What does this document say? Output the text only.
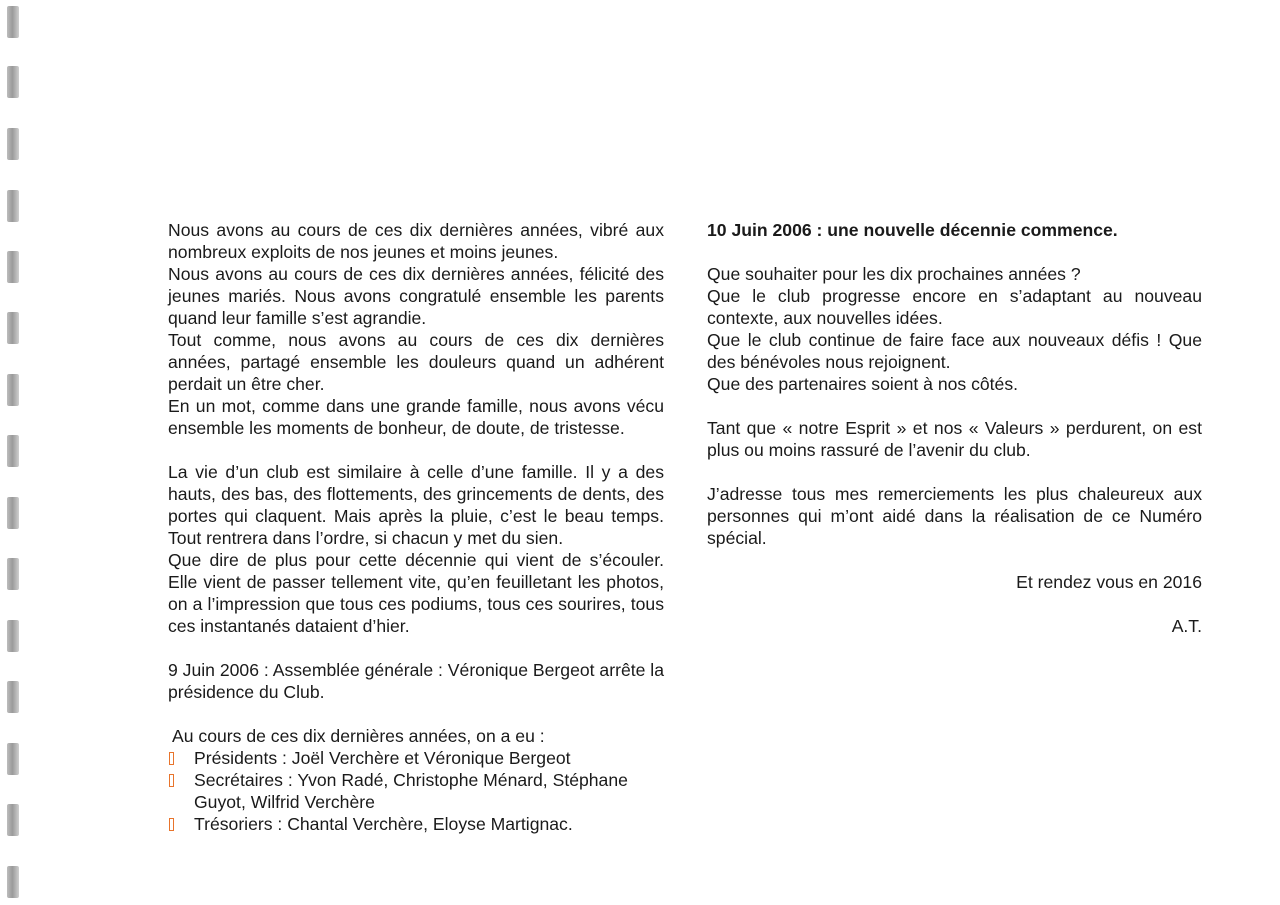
Nous avons au cours de ces dix dernières années, vibré aux nombreux exploits de nos jeunes et moins jeunes.

Nous avons au cours de ces dix dernières années, félicité des jeunes mariés. Nous avons congratulé ensemble les parents quand leur famille s’est agrandie.

Tout comme, nous avons au cours de ces dix dernières années, partagé ensemble les douleurs quand un adhérent perdait un être cher.

En un mot, comme dans une grande famille, nous avons vécu ensemble les moments de bonheur, de doute, de tristesse.

La vie d’un club est similaire à celle d’une famille. Il y a des hauts, des bas, des flottements, des grincements de dents, des portes qui claquent. Mais après la pluie, c’est le beau temps. Tout rentrera dans l’ordre, si chacun y met du sien.

Que dire de plus pour cette décennie qui vient de s’écouler. Elle vient de passer tellement vite, qu’en feuilletant les photos, on a l’impression que tous ces podiums, tous ces sourires, tous ces instantanés dataient d’hier.

9 Juin 2006 : Assemblée générale : Véronique Bergeot arrête la présidence du Club.

Au cours de ces dix dernières années, on a eu :

Présidents : Joël Verchère et Véronique Bergeot
Secrétaires : Yvon Radé, Christophe Ménard, Stéphane Guyot, Wilfrid Verchère
Trésoriers : Chantal Verchère, Eloyse Martignac.

10 Juin 2006 : une nouvelle décennie commence.

Que souhaiter pour les dix prochaines années ?

Que le club progresse encore en s’adaptant au nouveau contexte, aux nouvelles idées.

Que le club continue de faire face aux nouveaux défis ! Que des bénévoles nous rejoignent.

Que des partenaires soient à nos côtés.

Tant que « notre Esprit » et nos « Valeurs » perdurent, on est plus ou moins rassuré de l’avenir du club.

J’adresse tous mes remerciements les plus chaleureux aux personnes qui m’ont aidé dans la réalisation de ce Numéro spécial.

Et rendez vous en 2016

A.T.
